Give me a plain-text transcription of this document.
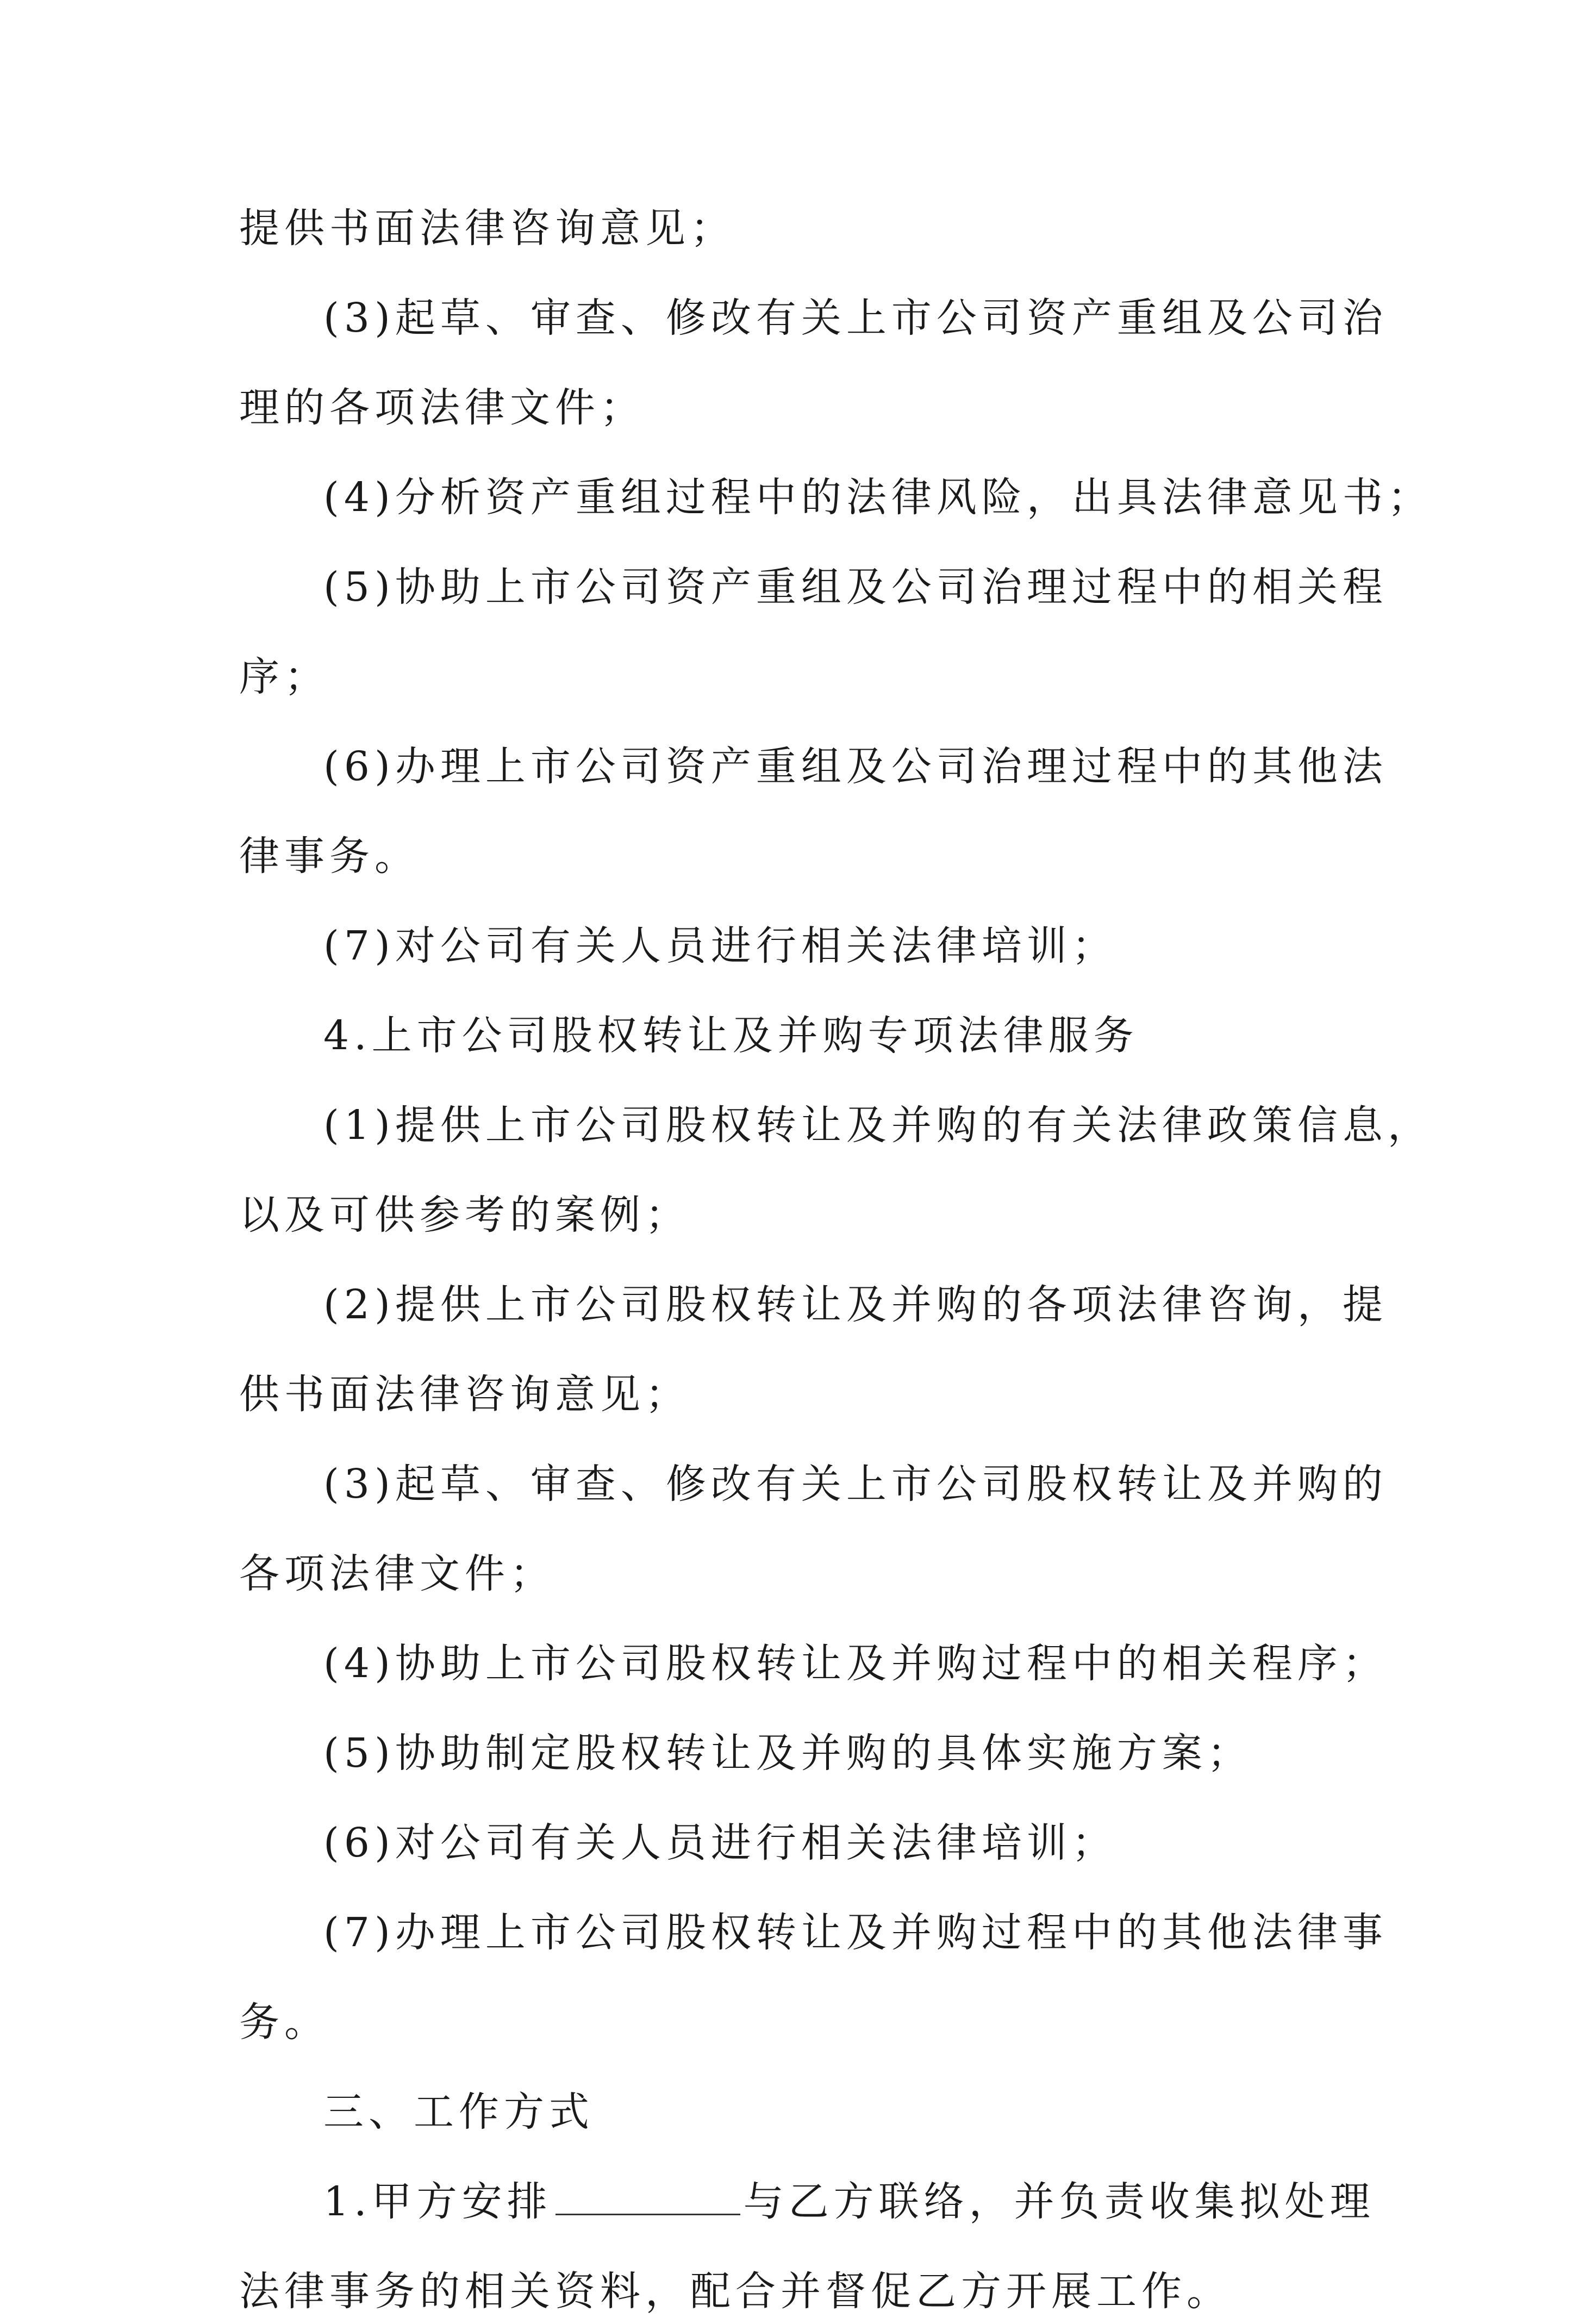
提供书面法律咨询意见；
(3)起草、审查、修改有关上市公司资产重组及公司治
理的各项法律文件；
(4)分析资产重组过程中的法律风险，出具法律意见书；
(5)协助上市公司资产重组及公司治理过程中的相关程
序；
(6)办理上市公司资产重组及公司治理过程中的其他法
律事务。
(7)对公司有关人员进行相关法律培训；
4.上市公司股权转让及并购专项法律服务
(1)提供上市公司股权转让及并购的有关法律政策信息，
以及可供参考的案例；
(2)提供上市公司股权转让及并购的各项法律咨询，提
供书面法律咨询意见；
(3)起草、审查、修改有关上市公司股权转让及并购的
各项法律文件；
(4)协助上市公司股权转让及并购过程中的相关程序；
(5)协助制定股权转让及并购的具体实施方案；
(6)对公司有关人员进行相关法律培训；
(7)办理上市公司股权转让及并购过程中的其他法律事
务。
三、工作方式
1.甲方安排	与乙方联络，并负责收集拟处理
法律事务的相关资料，配合并督促乙方开展工作。
